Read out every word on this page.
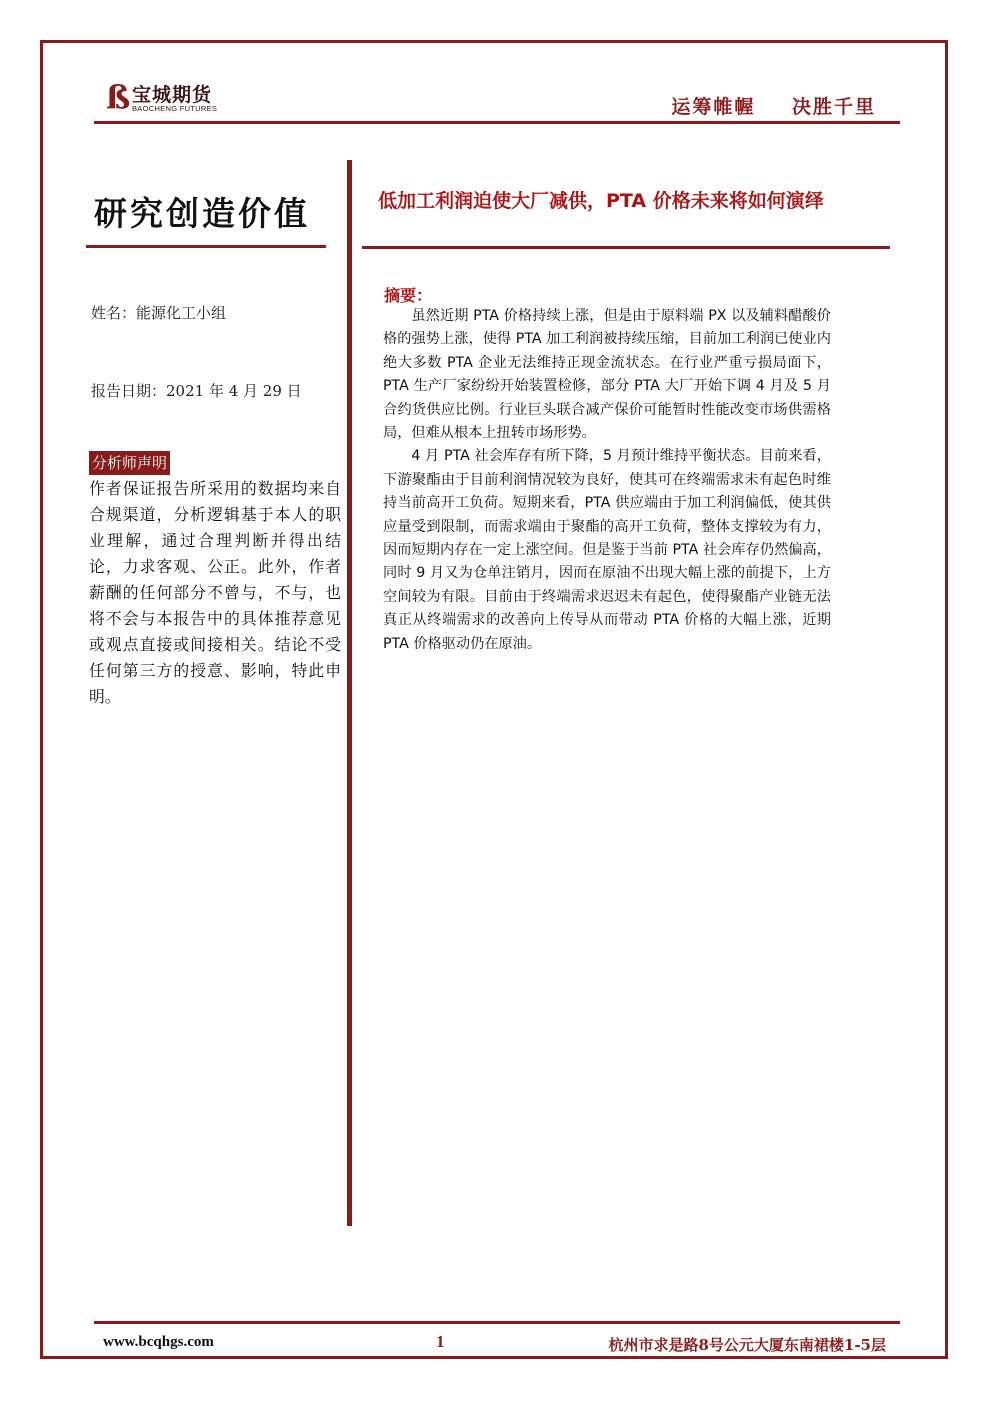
ß 宝城期货
BAOCHENG FUTURES	运筹帷幄 决胜千里
研究创造价值
姓名：能源化工小组
报告日期：2021 年 4 月 29 日
分析师声明

作者保证报告所采用的数据均来自合规渠道，分析逻辑基于本人的职业理解，通过合理判断并得出结论，力求客观、公正。此外，作者薪酬的任何部分不曾与，不与，也将不会与本报告中的具体推荐意见或观点直接或间接相关。结论不受任何第三方的授意、影响，特此申明。

低加工利润迫使大厂减供，PTA 价格未来将如何演绎
摘要：

虽然近期 PTA 价格持续上涨，但是由于原料端 PX 以及辅料醋酸价格的强势上涨，使得 PTA 加工利润被持续压缩，目前加工利润已使业内绝大多数 PTA 企业无法维持正现金流状态。在行业严重亏损局面下，PTA 生产厂家纷纷开始装置检修，部分 PTA 大厂开始下调 4 月及 5 月合约货供应比例。行业巨头联合减产保价可能暂时性能改变市场供需格局，但难从根本上扭转市场形势。

4 月 PTA 社会库存有所下降，5 月预计维持平衡状态。目前来看，下游聚酯由于目前利润情况较为良好，使其可在终端需求未有起色时维持当前高开工负荷。短期来看，PTA 供应端由于加工利润偏低，使其供应量受到限制，而需求端由于聚酯的高开工负荷，整体支撑较为有力，因而短期内存在一定上涨空间。但是鉴于当前 PTA 社会库存仍然偏高，同时 9 月又为仓单注销月，因而在原油不出现大幅上涨的前提下，上方空间较为有限。目前由于终端需求迟迟未有起色，使得聚酯产业链无法真正从终端需求的改善向上传导从而带动 PTA 价格的大幅上涨，近期 PTA 价格驱动仍在原油。

www.bcqhgs.com	1	杭州市求是路8号公元大厦东南裙楼1-5层
